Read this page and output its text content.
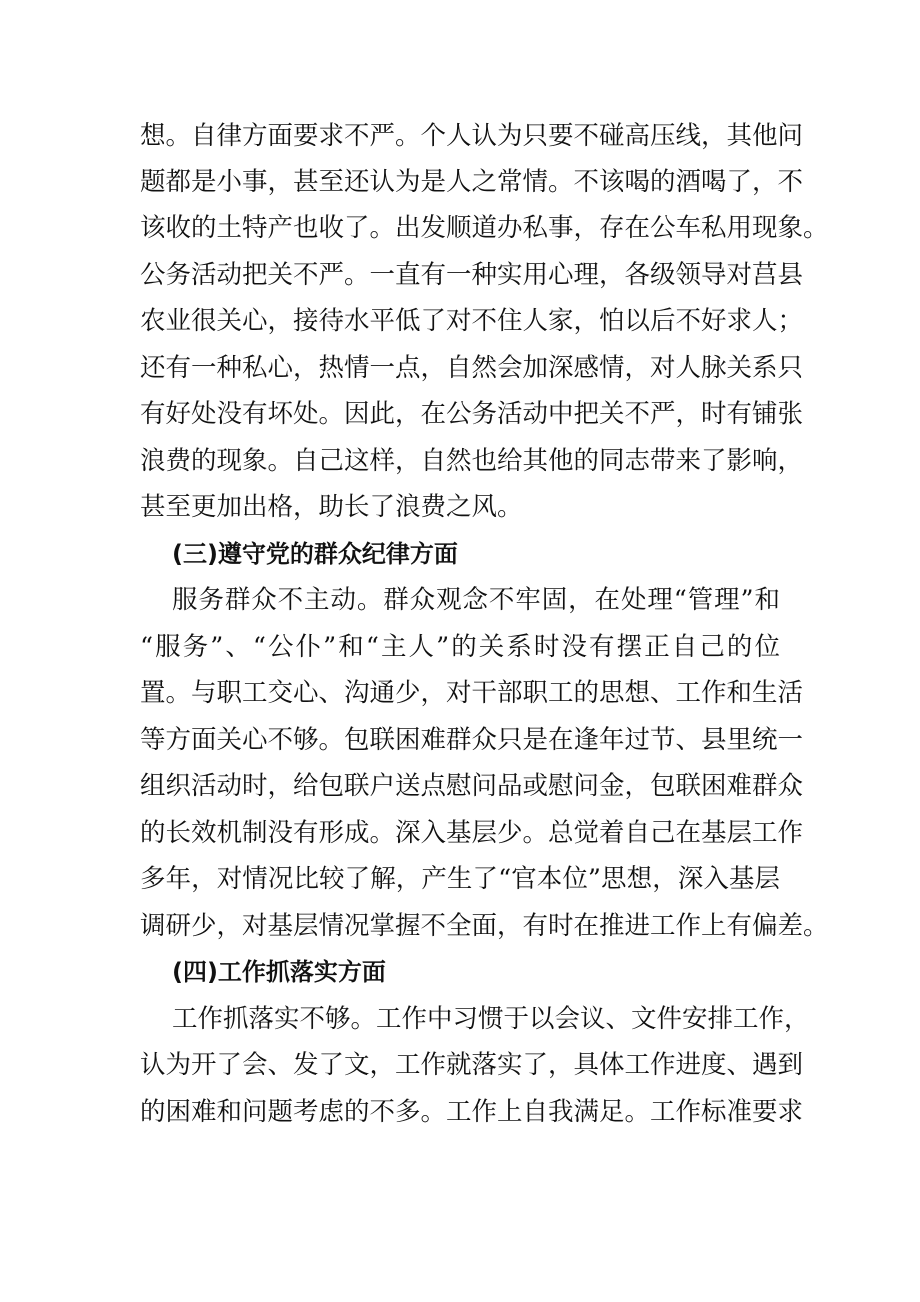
想。自律方面要求不严。个人认为只要不碰高压线，其他问
题都是小事，甚至还认为是人之常情。不该喝的酒喝了，不
该收的土特产也收了。出发顺道办私事，存在公车私用现象。
公务活动把关不严。一直有一种实用心理，各级领导对莒县
农业很关心，接待水平低了对不住人家，怕以后不好求人；
还有一种私心，热情一点，自然会加深感情，对人脉关系只
有好处没有坏处。因此，在公务活动中把关不严，时有铺张
浪费的现象。自己这样，自然也给其他的同志带来了影响，
甚至更加出格，助长了浪费之风。
(三)遵守党的群众纪律方面
服务群众不主动。群众观念不牢固，在处理“管理”和
“服务”、“公仆”和“主人”的关系时没有摆正自己的位
置。与职工交心、沟通少，对干部职工的思想、工作和生活
等方面关心不够。包联困难群众只是在逢年过节、县里统一
组织活动时，给包联户送点慰问品或慰问金，包联困难群众
的长效机制没有形成。深入基层少。总觉着自己在基层工作
多年，对情况比较了解，产生了“官本位”思想，深入基层
调研少，对基层情况掌握不全面，有时在推进工作上有偏差。
(四)工作抓落实方面
工作抓落实不够。工作中习惯于以会议、文件安排工作，
认为开了会、发了文，工作就落实了，具体工作进度、遇到
的困难和问题考虑的不多。工作上自我满足。工作标准要求
